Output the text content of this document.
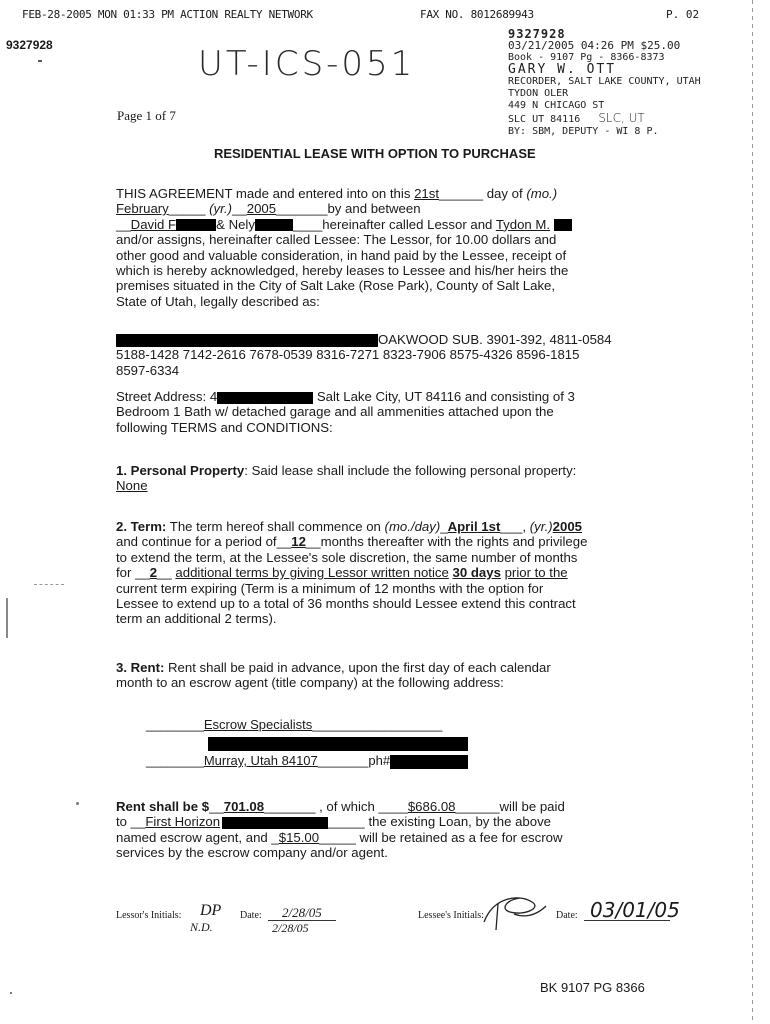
FEB-28-2005 MON 01:33 PM ACTION REALTY NETWORK	FAX NO. 8012689943	P. 02
9327928	UT-ICS-051
9327928
03/21/2005 04:26 PM $25.00
Book - 9107 Pg - 8366-8373
GARY W. OTT
RECORDER, SALT LAKE COUNTY, UTAH
TYDON OLER
449 N CHICAGO ST
SLC UT 84116 SLC, UT
BY: SBM, DEPUTY - WI 8 P.
Page 1 of 7
RESIDENTIAL LEASE WITH OPTION TO PURCHASE
THIS AGREEMENT made and entered into on this 21st______ day of (mo.)
February_____ (yr.)__2005_______by and between
__David F	& Nely	____hereinafter called Lessor and Tydon M.
and/or assigns, hereinafter called Lessee: The Lessor, for 10.00 dollars and
other good and valuable consideration, in hand paid by the Lessee, receipt of
which is hereby acknowledged, hereby leases to Lessee and his/her heirs the
premises situated in the City of Salt Lake (Rose Park), County of Salt Lake,
State of Utah, legally described as:
OAKWOOD SUB. 3901-392, 4811-0584
5188-1428 7142-2616 7678-0539 8316-7271 8323-7906 8575-4326 8596-1815
8597-6334
Street Address: 4	Salt Lake City, UT 84116 and consisting of 3
Bedroom 1 Bath w/ detached garage and all ammenities attached upon the
following TERMS and CONDITIONS:
1. Personal Property: Said lease shall include the following personal property:
None
2. Term: The term hereof shall commence on (mo./day)_April 1st___, (yr.)2005
and continue for a period of__12__months thereafter with the rights and privilege
to extend the term, at the Lessee's sole discretion, the same number of months
for __2__ additional terms by giving Lessor written notice 30 days prior to the
current term expiring (Term is a minimum of 12 months with the option for
Lessee to extend up to a total of 36 months should Lessee extend this contract
term an additional 2 terms).
3. Rent: Rent shall be paid in advance, upon the first day of each calendar
month to an escrow agent (title company) at the following address:
________Escrow Specialists__________________
________Murray, Utah 84107_______ph#
Rent shall be $__701.08_______ , of which ____$686.08______will be paid
to __First Horizon	_____ the existing Loan, by the above
named escrow agent, and _$15.00_____ will be retained as a fee for escrow
services by the escrow company and/or agent.
Lessor's Initials: DP
N.D.
Date: 2/28/05
2/28/05
Lessee's Initials:	Date: 03/01/05
BK 9107 PG 8366
